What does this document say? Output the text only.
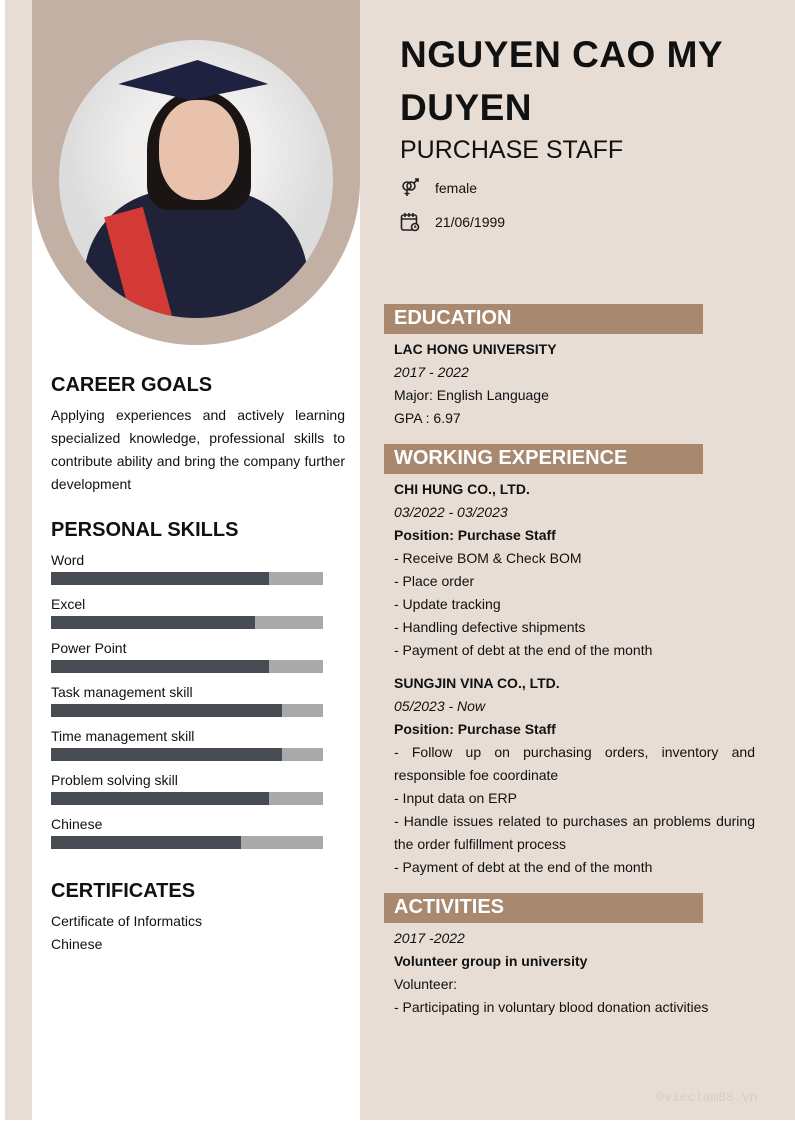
NGUYEN CAO MY DUYEN
PURCHASE STAFF
female
21/06/1999
CAREER GOALS
Applying experiences and actively learning specialized knowledge, professional skills to contribute ability and bring the company further development
PERSONAL SKILLS
Word
Excel
Power Point
Task management skill
Time management skill
Problem solving skill
Chinese
CERTIFICATES
Certificate of Informatics
Chinese
EDUCATION
LAC HONG UNIVERSITY
2017 - 2022
Major: English Language
GPA : 6.97
WORKING EXPERIENCE
CHI HUNG CO., LTD.
03/2022 - 03/2023
Position: Purchase Staff
- Receive BOM & Check BOM
- Place order
- Update tracking
- Handling defective shipments
- Payment of debt at the end of the month
SUNGJIN VINA CO., LTD.
05/2023 - Now
Position: Purchase Staff
- Follow up on purchasing orders, inventory and responsible foe coordinate
- Input data on ERP
- Handle issues related to purchases an problems during the order fulfillment process
- Payment of debt at the end of the month
ACTIVITIES
2017 -2022
Volunteer group in university
Volunteer:
- Participating in voluntary blood donation activities
©vieclam88.vn
